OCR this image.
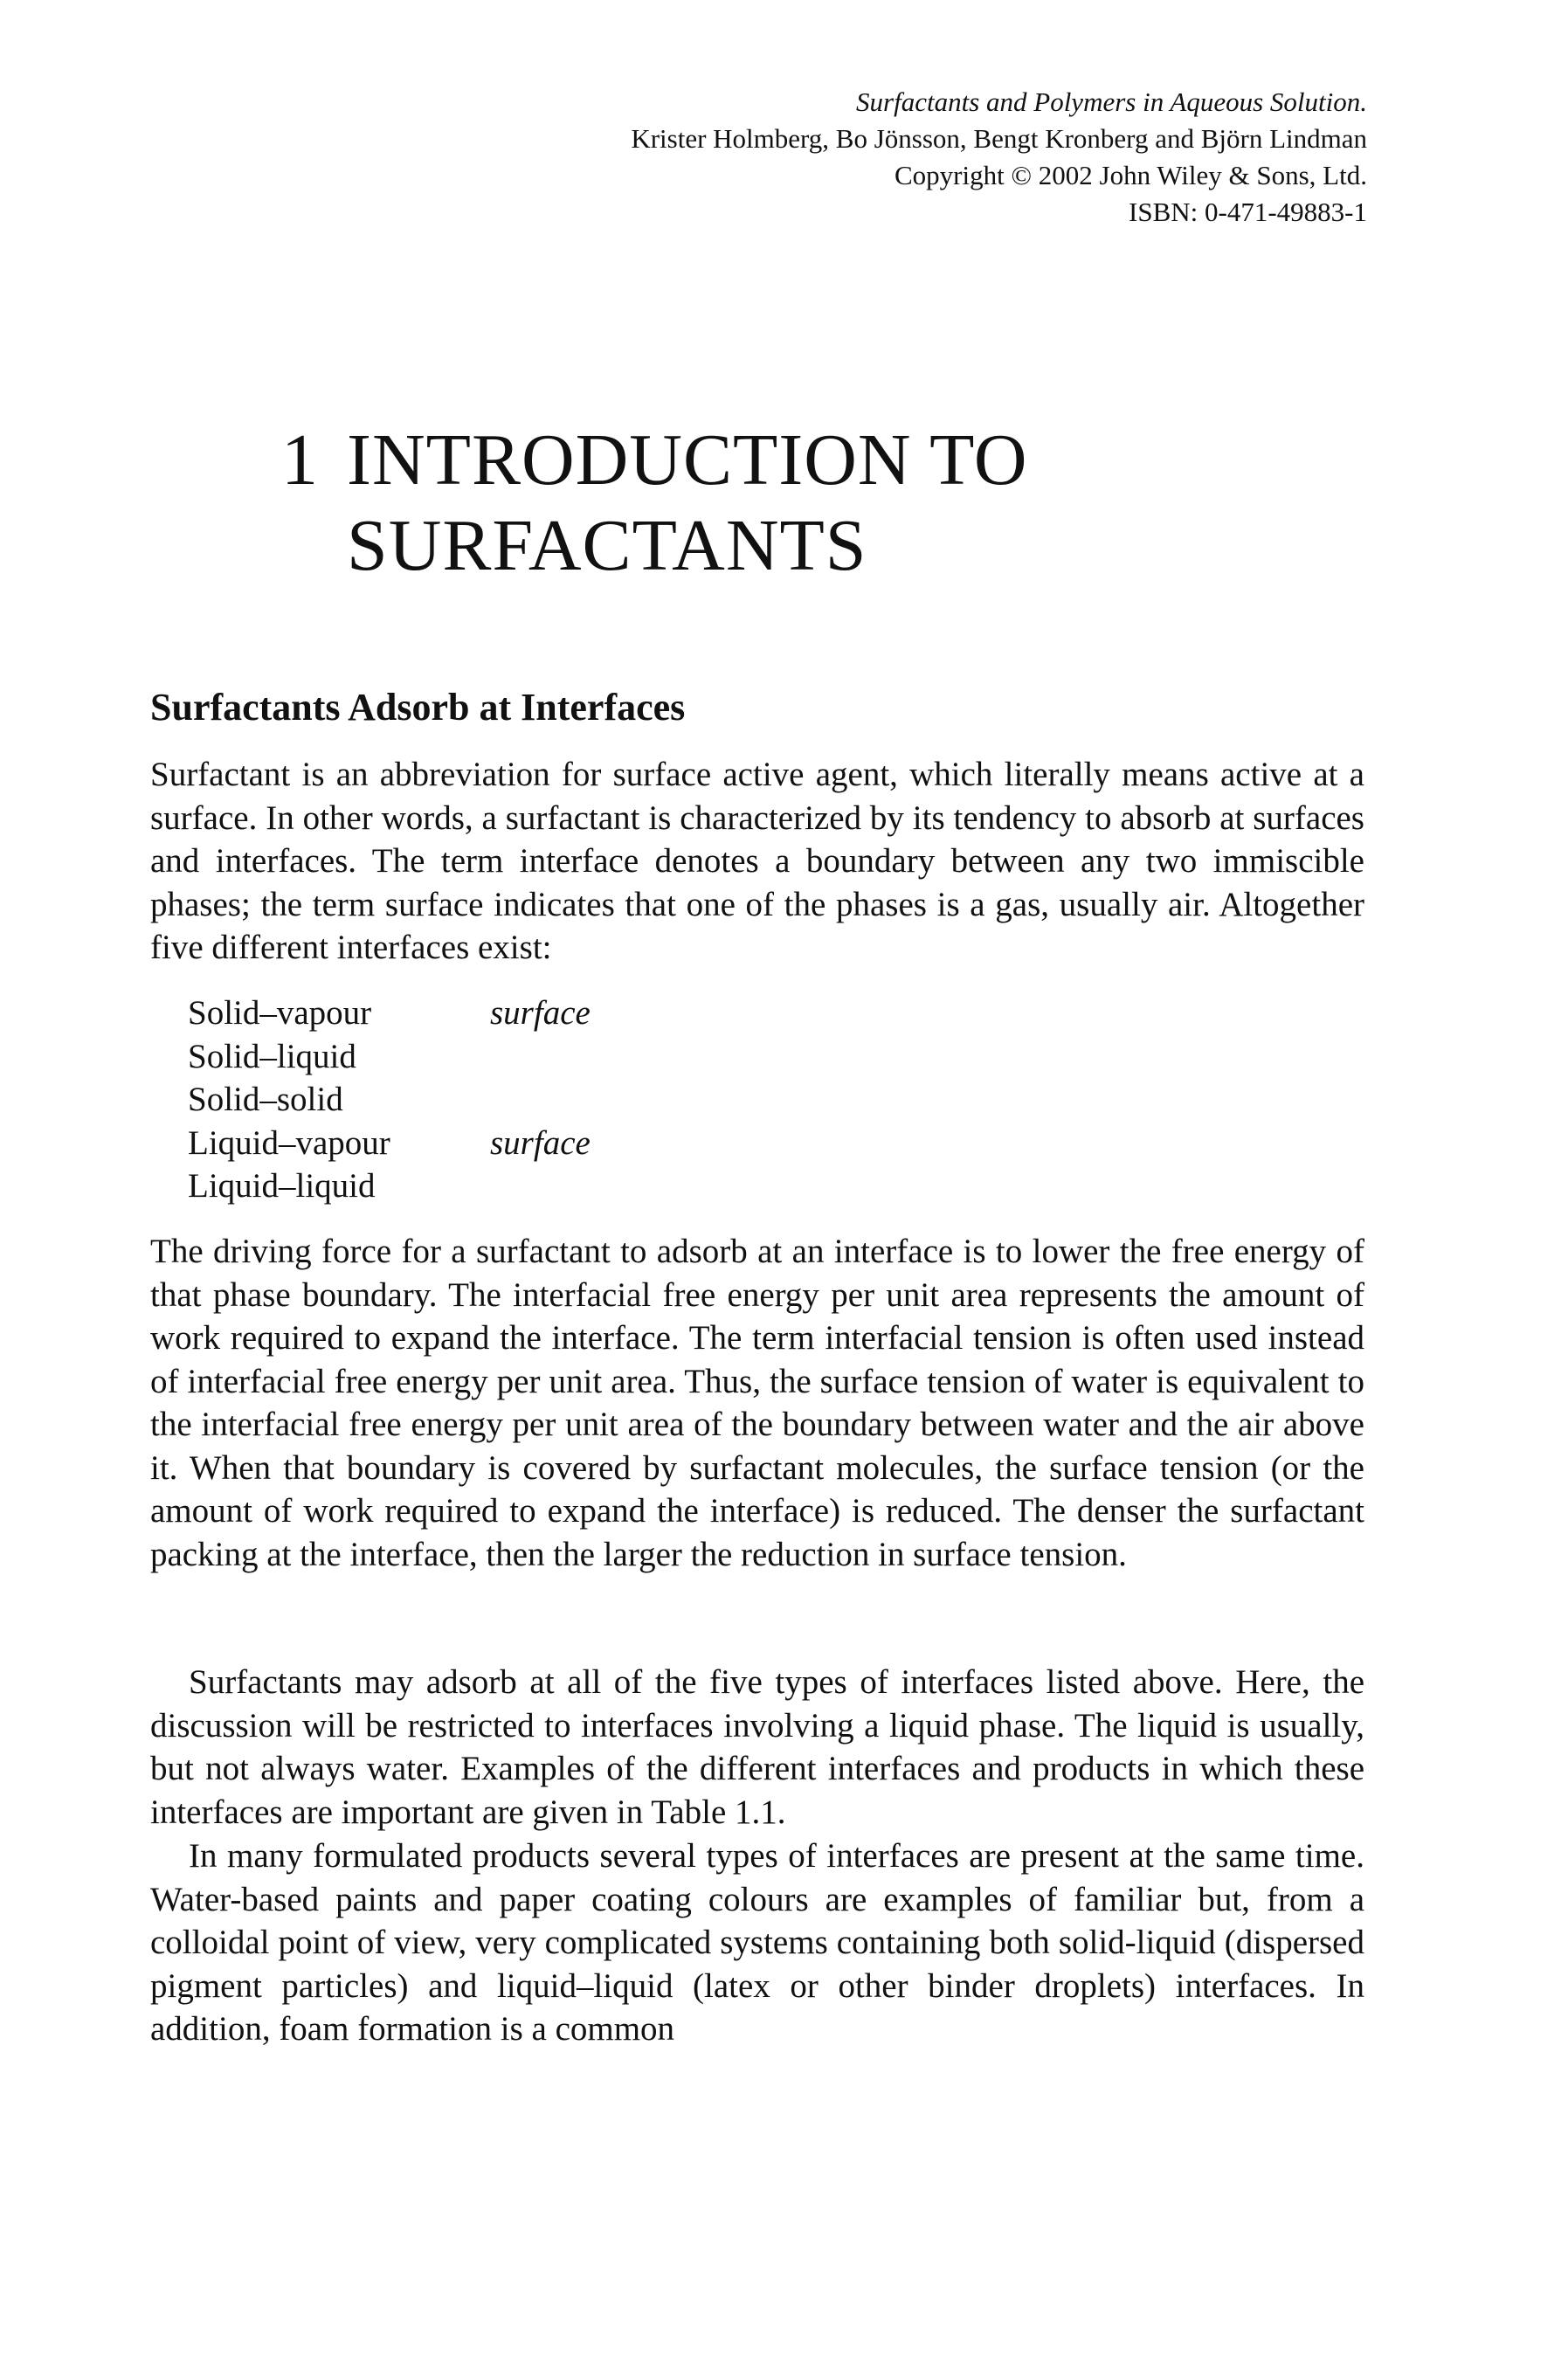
Surfactants and Polymers in Aqueous Solution.
Krister Holmberg, Bo Jönsson, Bengt Kronberg and Björn Lindman
Copyright © 2002 John Wiley & Sons, Ltd.
ISBN: 0-471-49883-1
1 INTRODUCTION TO
SURFACTANTS
Surfactants Adsorb at Interfaces

Surfactant is an abbreviation for surface active agent, which literally means active at a surface. In other words, a surfactant is characterized by its tendency to absorb at surfaces and interfaces. The term interface denotes a boundary between any two immiscible phases; the term surface indicates that one of the phases is a gas, usually air. Altogether five different interfaces exist:

Solid–vapour	surface
Solid–liquid
Solid–solid
Liquid–vapour	surface
Liquid–liquid

The driving force for a surfactant to adsorb at an interface is to lower the free energy of that phase boundary. The interfacial free energy per unit area represents the amount of work required to expand the interface. The term interfacial tension is often used instead of interfacial free energy per unit area. Thus, the surface tension of water is equivalent to the interfacial free energy per unit area of the boundary between water and the air above it. When that boundary is covered by surfactant molecules, the surface tension (or the amount of work required to expand the interface) is reduced. The denser the surfactant packing at the interface, then the larger the reduction in surface tension.

Surfactants may adsorb at all of the five types of interfaces listed above. Here, the discussion will be restricted to interfaces involving a liquid phase. The liquid is usually, but not always water. Examples of the different interfaces and products in which these interfaces are important are given in Table 1.1.

In many formulated products several types of interfaces are present at the same time. Water-based paints and paper coating colours are examples of familiar but, from a colloidal point of view, very complicated systems containing both solid-liquid (dispersed pigment particles) and liquid–liquid (latex or other binder droplets) interfaces. In addition, foam formation is a common
